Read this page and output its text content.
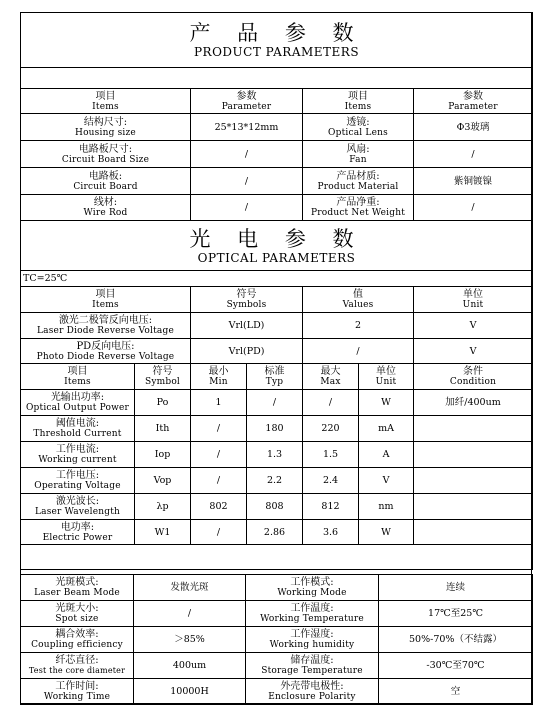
产 品 参 数
PRODUCT PARAMETERS			

项目
Items	参数
Parameter	项目
Items	参数
Parameter

结构尺寸:
Housing size	25*13*12mm	透镜:
Optical Lens	Φ3玻璃

电路板尺寸:
Circuit Board Size	/	风扇:
Fan	/

电路板:
Circuit Board	/	产品材质:
Product Material	紫铜镀镍

线材:
Wire Rod	/	产品净重:
Product Net Weight	/
光 电 参 数
OPTICAL PARAMETERS			

TC=25℃			

项目
Items	符号
Symbols	值
Values	单位
Unit

激光二极管反向电压:
Laser Diode Reverse Voltage	Vrl(LD)	2	V

PD反向电压:
Photo Diode Reverse Voltage	Vrl(PD)	/	V
项目
Items	符号
Symbol	最小
Min	标准
Typ	最大
Max	单位
Unit	条件
Condition

光输出功率:
Optical Output Power	Po	1	/	/	W	加纤/400um

阈值电流:
Threshold Current	Ith	/	180	220	mA	

工作电流:
Working current	Iop	/	1.3	1.5	A	

工作电压:
Operating Voltage	Vop	/	2.2	2.4	V	

激光波长:
Laser Wavelength	λp	802	808	812	nm	

电功率:
Electric Power	W1	/	2.86	3.6	W	

光斑模式:
Laser Beam Mode	发散光斑	工作模式:
Working Mode	连续

光斑大小:
Spot size	/	工作温度:
Working Temperature	17℃至25℃

耦合效率:
Coupling efficiency	＞85%	工作湿度:
Working humidity	50%-70%（不结露）

纤芯直径:
Test the core diameter	400um	储存温度:
Storage Temperature	-30℃至70℃

工作时间:
Working Time	10000H	外壳带电极性:
Enclosure Polarity	空
